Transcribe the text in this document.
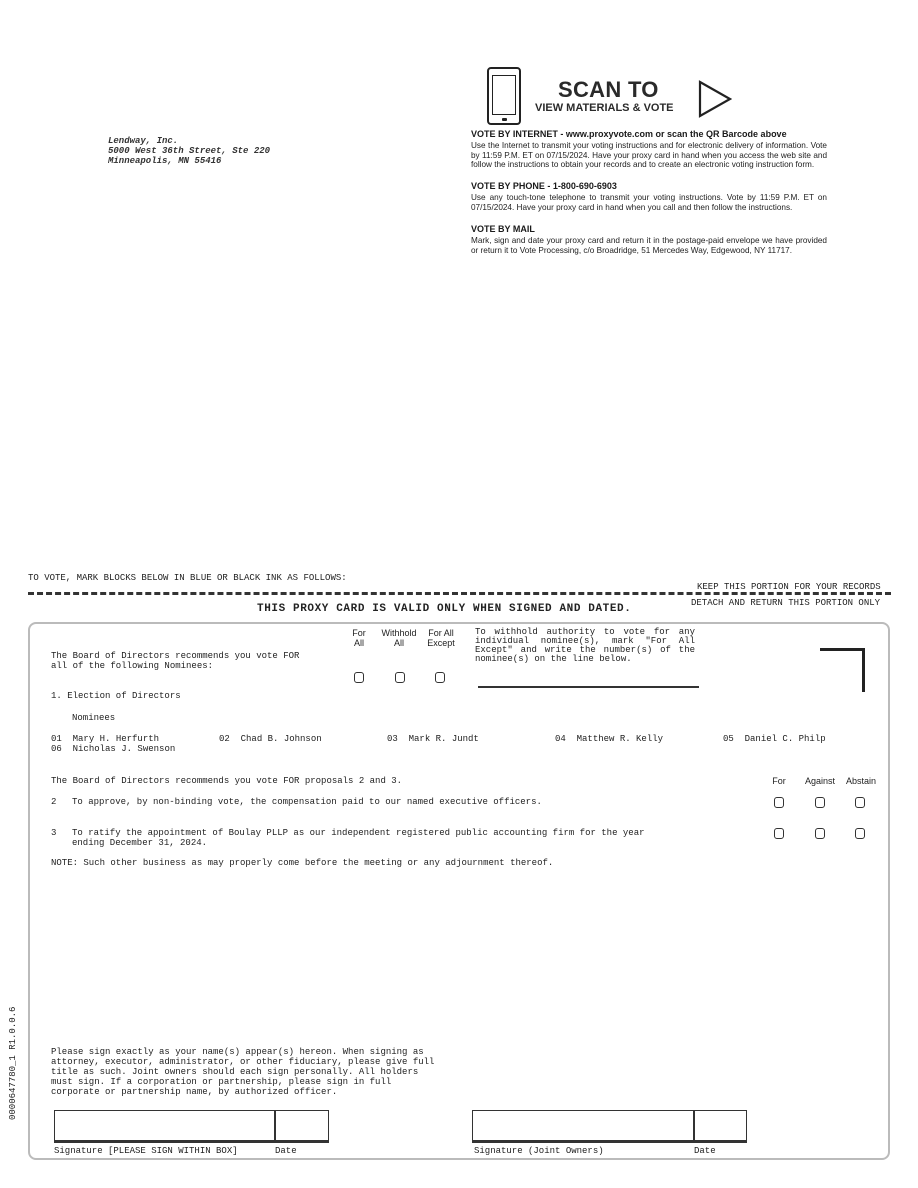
Lendway, Inc.
5000 West 36th Street, Ste 220
Minneapolis, MN 55416
SCAN TO
VIEW MATERIALS & VOTE
VOTE BY INTERNET - www.proxyvote.com or scan the QR Barcode above
Use the Internet to transmit your voting instructions and for electronic delivery of information. Vote by 11:59 P.M. ET on 07/15/2024. Have your proxy card in hand when you access the web site and follow the instructions to obtain your records and to create an electronic voting instruction form.
VOTE BY PHONE - 1-800-690-6903
Use any touch-tone telephone to transmit your voting instructions. Vote by 11:59 P.M. ET on 07/15/2024. Have your proxy card in hand when you call and then follow the instructions.
VOTE BY MAIL
Mark, sign and date your proxy card and return it in the postage-paid envelope we have provided or return it to Vote Processing, c/o Broadridge, 51 Mercedes Way, Edgewood, NY 11717.
TO VOTE, MARK BLOCKS BELOW IN BLUE OR BLACK INK AS FOLLOWS:
KEEP THIS PORTION FOR YOUR RECORDS
DETACH AND RETURN THIS PORTION ONLY
THIS PROXY CARD IS VALID ONLY WHEN SIGNED AND DATED.
The Board of Directors recommends you vote FOR all of the following Nominees:
For
All
Withhold
All
For All
Except
To withhold authority to vote for any individual nominee(s), mark "For All Except" and write the number(s) of the nominee(s) on the line below.
1. Election of Directors
Nominees
01 Mary H. Herfurth	02 Chad B. Johnson	03 Mark R. Jundt	04 Matthew R. Kelly	05 Daniel C. Philp
06 Nicholas J. Swenson
The Board of Directors recommends you vote FOR proposals 2 and 3.	For	Against	Abstain
2 To approve, by non-binding vote, the compensation paid to our named executive officers.
3 To ratify the appointment of Boulay PLLP as our independent registered public accounting firm for the year
ending December 31, 2024.
NOTE: Such other business as may properly come before the meeting or any adjournment thereof.
Please sign exactly as your name(s) appear(s) hereon. When signing as attorney, executor, administrator, or other fiduciary, please give full title as such. Joint owners should each sign personally. All holders must sign. If a corporation or partnership, please sign in full corporate or partnership name, by authorized officer.
Signature [PLEASE SIGN WITHIN BOX]	Date	Signature (Joint Owners)	Date
0000647780_1 R1.0.0.6
